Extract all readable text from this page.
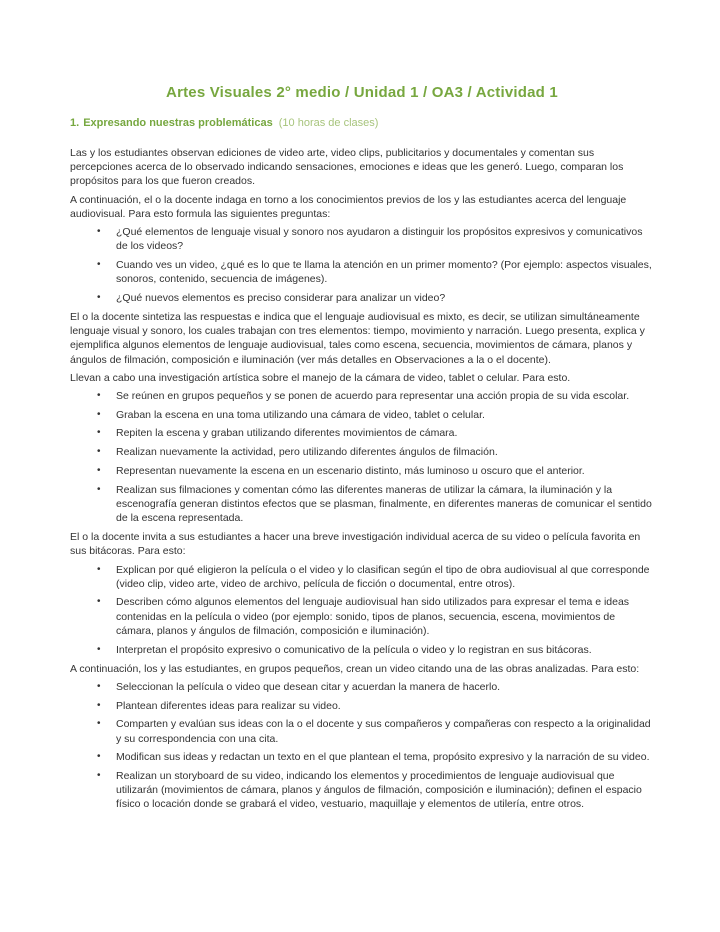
Artes Visuales 2° medio / Unidad 1 / OA3 / Actividad 1
1. Expresando nuestras problemáticas (10 horas de clases)

Las y los estudiantes observan ediciones de video arte, video clips, publicitarios y documentales y comentan sus percepciones acerca de lo observado indicando sensaciones, emociones e ideas que les generó. Luego, comparan los propósitos para los que fueron creados.

A continuación, el o la docente indaga en torno a los conocimientos previos de los y las estudiantes acerca del lenguaje audiovisual. Para esto formula las siguientes preguntas:

•	¿Qué elementos de lenguaje visual y sonoro nos ayudaron a distinguir los propósitos expresivos y comunicativos de los videos?
•	Cuando ves un video, ¿qué es lo que te llama la atención en un primer momento? (Por ejemplo: aspectos visuales, sonoros, contenido, secuencia de imágenes).
•	¿Qué nuevos elementos es preciso considerar para analizar un video?

El o la docente sintetiza las respuestas e indica que el lenguaje audiovisual es mixto, es decir, se utilizan simultáneamente lenguaje visual y sonoro, los cuales trabajan con tres elementos: tiempo, movimiento y narración. Luego presenta, explica y ejemplifica algunos elementos de lenguaje audiovisual, tales como escena, secuencia, movimientos de cámara, planos y ángulos de filmación, composición e iluminación (ver más detalles en Observaciones a la o el docente).

Llevan a cabo una investigación artística sobre el manejo de la cámara de video, tablet o celular. Para esto.

•	Se reúnen en grupos pequeños y se ponen de acuerdo para representar una acción propia de su vida escolar.
•	Graban la escena en una toma utilizando una cámara de video, tablet o celular.
•	Repiten la escena y graban utilizando diferentes movimientos de cámara.
•	Realizan nuevamente la actividad, pero utilizando diferentes ángulos de filmación.
•	Representan nuevamente la escena en un escenario distinto, más luminoso u oscuro que el anterior.
•	Realizan sus filmaciones y comentan cómo las diferentes maneras de utilizar la cámara, la iluminación y la escenografía generan distintos efectos que se plasman, finalmente, en diferentes maneras de comunicar el sentido de la escena representada.

El o la docente invita a sus estudiantes a hacer una breve investigación individual acerca de su video o película favorita en sus bitácoras. Para esto:

•	Explican por qué eligieron la película o el video y lo clasifican según el tipo de obra audiovisual al que corresponde (video clip, video arte, video de archivo, película de ficción o documental, entre otros).
•	Describen cómo algunos elementos del lenguaje audiovisual han sido utilizados para expresar el tema e ideas contenidas en la película o video (por ejemplo: sonido, tipos de planos, secuencia, escena, movimientos de cámara, planos y ángulos de filmación, composición e iluminación).
•	Interpretan el propósito expresivo o comunicativo de la película o video y lo registran en sus bitácoras.

A continuación, los y las estudiantes, en grupos pequeños, crean un video citando una de las obras analizadas. Para esto:

•	Seleccionan la película o video que desean citar y acuerdan la manera de hacerlo.
•	Plantean diferentes ideas para realizar su video.
•	Comparten y evalúan sus ideas con la o el docente y sus compañeros y compañeras con respecto a la originalidad y su correspondencia con una cita.
•	Modifican sus ideas y redactan un texto en el que plantean el tema, propósito expresivo y la narración de su video.
•	Realizan un storyboard de su video, indicando los elementos y procedimientos de lenguaje audiovisual que utilizarán (movimientos de cámara, planos y ángulos de filmación, composición e iluminación); definen el espacio físico o locación donde se grabará el video, vestuario, maquillaje y elementos de utilería, entre otros.
